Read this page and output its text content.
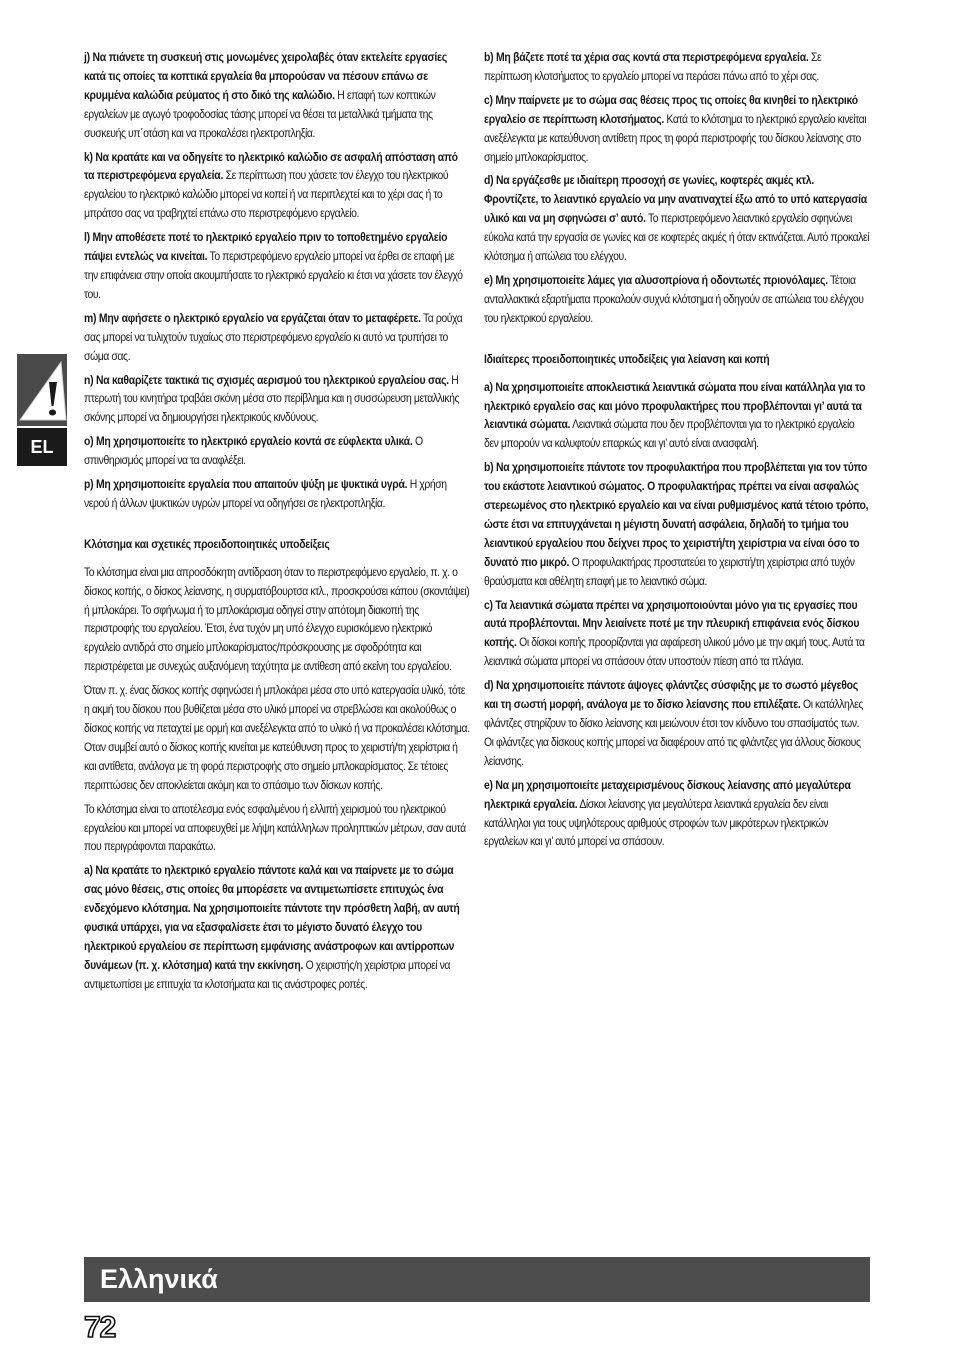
j) Να πιάνετε τη συσκευή στις μονωμένες χειρολαβές όταν εκτελείτε εργασίες κατά τις οποίες τα κοπτικά εργαλεία θα μπορούσαν να πέσουν επάνω σε κρυμμένα καλώδια ρεύματος ή στο δικό της καλώδιο. Η επαφή των κοπτικών εργαλείων με αγωγό τροφοδοσίας τάσης μπορεί να θέσει τα μεταλλικά τμήματα της συσκευής υπ΄οτάση και να προκαλέσει ηλεκτροπληξία.

k) Να κρατάτε και να οδηγείτε το ηλεκτρικό καλώδιο σε ασφαλή απόσταση από τα περιστρεφόμενα εργαλεία. Σε περίπτωση που χάσετε τον έλεγχο του ηλεκτρικού εργαλείου το ηλεκτρικό καλώδιο μπορεί να κοπεί ή να περιπλεχτεί και το χέρι σας ή το μπράτσο σας να τραβηχτεί επάνω στο περιστρεφόμενο εργαλείο.

l) Μην αποθέσετε ποτέ το ηλεκτρικό εργαλείο πριν το τοποθετημένο εργαλείο πάψει εντελώς να κινείται. Το περιστρεφόμενο εργαλείο μπορεί να έρθει σε επαφή με την επιφάνεια στην οποία ακουμπήσατε το ηλεκτρικό εργαλείο κι έτσι να χάσετε τον έλεγχό του.

m) Μην αφήσετε ο ηλεκτρικό εργαλείο να εργάζεται όταν το μεταφέρετε. Τα ρούχα σας μπορεί να τυλιχτούν τυχαίως στο περιστρεφόμενο εργαλείο κι αυτό να τρυπήσει το σώμα σας.

n) Να καθαρίζετε τακτικά τις σχισμές αερισμού του ηλεκτρικού εργαλείου σας. Η πτερωτή του κινητήρα τραβάει σκόνη μέσα στο περίβλημα και η συσσώρευση μεταλλικής σκόνης μπορεί να δημιουργήσει ηλεκτρικούς κινδύνους.

o) Μη χρησιμοποιείτε το ηλεκτρικό εργαλείο κοντά σε εύφλεκτα υλικά. Ο σπινθηρισμός μπορεί να τα αναφλέξει.

p) Μη χρησιμοποιείτε εργαλεία που απαιτούν ψύξη με ψυκτικά υγρά. Η χρήση νερού ή άλλων ψυκτικών υγρών μπορεί να οδηγήσει σε ηλεκτροπληξία.

Κλότσημα και σχετικές προειδοποιητικές υποδείξεις

Το κλότσημα είναι μια απροσδόκητη αντίδραση όταν το περιστρεφόμενο εργαλείο, π. χ. ο δίσκος κοπής, ο δίσκος λείανσης, η συρματόβουρτσα κτλ., προσκρούσει κάπου (σκοντάψει) ή μπλοκάρει. Το σφήνωμα ή το μπλοκάρισμα οδηγεί στην απότομη διακοπή της περιστροφής του εργαλείου. Έτσι, ένα τυχόν μη υπό έλεγχο ευρισκόμενο ηλεκτρικό εργαλείο αντιδρά στο σημείο μπλοκαρίσματος/πρόσκρουσης με σφοδρότητα και περιστρέφεται με συνεχώς αυξανόμενη ταχύτητα με αντίθεση από εκείνη του εργαλείου.

Όταν π. χ. ένας δίσκος κοπής σφηνώσει ή μπλοκάρει μέσα στο υπό κατεργασία υλικό, τότε η ακμή του δίσκου που βυθίζεται μέσα στο υλικό μπορεί να στρεβλώσει και ακολούθως ο δίσκος κοπής να πεταχτεί με ορμή και ανεξέλεγκτα από το υλικό ή να προκαλέσει κλότσημα. Οταν συμβεί αυτό ο δίσκος κοπής κινείται με κατεύθυνση προς το χειριστή/τη χειρίστρια ή και αντίθετα, ανάλογα με τη φορά περιστροφής στο σημείο μπλοκαρίσματος. Σε τέτοιες περιπτώσεις δεν αποκλείεται ακόμη και το σπάσιμο των δίσκων κοπής.

Το κλότσημα είναι το αποτέλεσμα ενός εσφαλμένου ή ελλιπή χειρισμού του ηλεκτρικού εργαλείου και μπορεί να αποφευχθεί με λήψη κατάλληλων προληπτικών μέτρων, σαν αυτά που περιγράφονται παρακάτω.

a) Να κρατάτε το ηλεκτρικό εργαλείο πάντοτε καλά και να παίρνετε με το σώμα σας μόνο θέσεις, στις οποίες θα μπορέσετε να αντιμετωπίσετε επιτυχώς ένα ενδεχόμενο κλότσημα. Να χρησιμοποιείτε πάντοτε την πρόσθετη λαβή, αν αυτή φυσικά υπάρχει, για να εξασφαλίσετε έτσι το μέγιστο δυνατό έλεγχο του ηλεκτρικού εργαλείου σε περίπτωση εμφάνισης ανάστροφων και αντίρροπων δυνάμεων (π. χ. κλότσημα) κατά την εκκίνηση. Ο χειριστής/η χειρίστρια μπορεί να αντιμετωπίσει με επιτυχία τα κλοτσήματα και τις ανάστροφες ροπές.

b) Μη βάζετε ποτέ τα χέρια σας κοντά στα περιστρεφόμενα εργαλεία. Σε περίπτωση κλοτσήματος το εργαλείο μπορεί να περάσει πάνω από το χέρι σας.

c) Μην παίρνετε με το σώμα σας θέσεις προς τις οποίες θα κινηθεί το ηλεκτρικό εργαλείο σε περίπτωση κλοτσήματος. Κατά το κλότσημα το ηλεκτρικό εργαλείο κινείται ανεξέλεγκτα με κατεύθυνση αντίθετη προς τη φορά περιστροφής του δίσκου λείανσης στο σημείο μπλοκαρίσματος.

d) Να εργάζεσθε με ιδιαίτερη προσοχή σε γωνίες, κοφτερές ακμές κτλ. Φροντίζετε, το λειαντικό εργαλείο να μην ανατιναχτεί έξω από το υπό κατεργασία υλικό και να μη σφηνώσει σ’ αυτό. Το περιστρεφόμενο λειαντικό εργαλείο σφηνώνει εύκολα κατά την εργασία σε γωνίες και σε κοφτερές ακμές ή όταν εκτινάζεται. Αυτό προκαλεί κλότσημα ή απώλεια του ελέγχου.

e) Μη χρησιμοποιείτε λάμες για αλυσοπρίονα ή οδοντωτές πριονόλαμες. Τέτοια ανταλλακτικά εξαρτήματα προκαλούν συχνά κλότσημα ή οδηγούν σε απώλεια του ελέγχου του ηλεκτρικού εργαλείου.

Ιδιαίτερες προειδοποιητικές υποδείξεις για λείανση και κοπή

a) Να χρησιμοποιείτε αποκλειστικά λειαντικά σώματα που είναι κατάλληλα για το ηλεκτρικό εργαλείο σας και μόνο προφυλακτήρες που προβλέπονται γι’ αυτά τα λειαντικά σώματα. Λειαντικά σώματα που δεν προβλέπονται για το ηλεκτρικό εργαλείο δεν μπορούν να καλυφτούν επαρκώς και γι’ αυτό είναι ανασφαλή.

b) Να χρησιμοποιείτε πάντοτε τον προφυλακτήρα που προβλέπεται για τον τύπο του εκάστοτε λειαντικού σώματος. Ο προφυλακτήρας πρέπει να είναι ασφαλώς στερεωμένος στο ηλεκτρικό εργαλείο και να είναι ρυθμισμένος κατά τέτοιο τρόπο, ώστε έτσι να επιτυγχάνεται η μέγιστη δυνατή ασφάλεια, δηλαδή το τμήμα του λειαντικού εργαλείου που δείχνει προς το χειριστή/τη χειρίστρια να είναι όσο το δυνατό πιο μικρό. Ο προφυλακτήρας προστατεύει το χειριστή/τη χειρίστρια από τυχόν θραύσματα και αθέλητη επαφή με το λειαντικό σώμα.

c) Τα λειαντικά σώματα πρέπει να χρησιμοποιούνται μόνο για τις εργασίες που αυτά προβλέπονται. Μην λειαίνετε ποτέ με την πλευρική επιφάνεια ενός δίσκου κοπής. Οι δίσκοι κοπής προορίζονται για αφαίρεση υλικού μόνο με την ακμή τους. Αυτά τα λειαντικά σώματα μπορεί να σπάσουν όταν υποστούν πίεση από τα πλάγια.

d) Να χρησιμοποιείτε πάντοτε άψογες φλάντζες σύσφιξης με το σωστό μέγεθος και τη σωστή μορφή, ανάλογα με το δίσκο λείανσης που επιλέξατε. Οι κατάλληλες φλάντζες στηρίζουν το δίσκο λείανσης και μειώνουν έτσι τον κίνδυνο του σπασίματός των. Οι φλάντζες για δίσκους κοπής μπορεί να διαφέρουν από τις φλάντζες για άλλους δίσκους λείανσης.

e) Να μη χρησιμοποιείτε μεταχειρισμένους δίσκους λείανσης από μεγαλύτερα ηλεκτρικά εργαλεία. Δίσκοι λείανσης για μεγαλύτερα λειαντικά εργαλεία δεν είναι κατάλληλοι για τους υψηλότερους αριθμούς στροφών των μικρότερων ηλεκτρικών εργαλείων και γι’ αυτό μπορεί να σπάσουν.

EL
Ελληνικά
72
